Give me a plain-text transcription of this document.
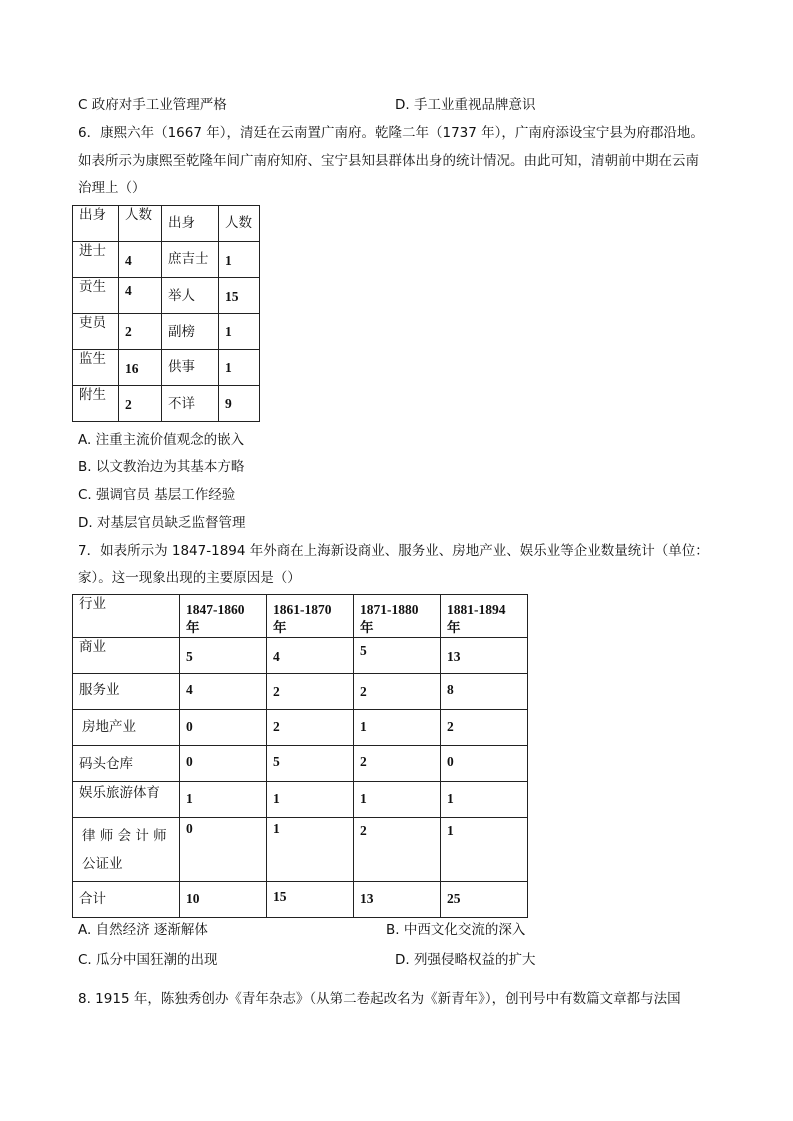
C 政府对手工业管理严格	D. 手工业重视品牌意识
6．康熙六年（1667 年），清廷在云南置广南府。乾隆二年（1737 年），广南府添设宝宁县为府郡沿地。
如表所示为康熙至乾隆年间广南府知府、宝宁县知县群体出身的统计情况。由此可知，清朝前中期在云南
治理上（）
出身	人数	出身	人数
进士	4	庶吉士	1
贡生	4	举人	15
吏员	2	副榜	1
监生	16	供事	1
附生	2	不详	9
A. 注重主流价值观念的嵌入
B. 以文教治边为其基本方略
C. 强调官员 基层工作经验
D. 对基层官员缺乏监督管理
7．如表所示为 1847-1894 年外商在上海新设商业、服务业、房地产业、娱乐业等企业数量统计（单位：
家）。这一现象出现的主要原因是（）
行业	1847-1860 年	1861-1870 年	1871-1880 年	1881-1894 年
商业	5	4	5	13
服务业	4	2	2	8
房地产业	0	2	1	2
码头仓库	0	5	2	0
娱乐旅游体育	1	1	1	1

律 师 会 计 师
公证业	0	1	2	1
合计	10	15	13	25
A. 自然经济 逐渐解体	B. 中西文化交流的深入
C. 瓜分中国狂潮的出现	D. 列强侵略权益的扩大
8. 1915 年，陈独秀创办《青年杂志》（从第二卷起改名为《新青年》），创刊号中有数篇文章都与法国
